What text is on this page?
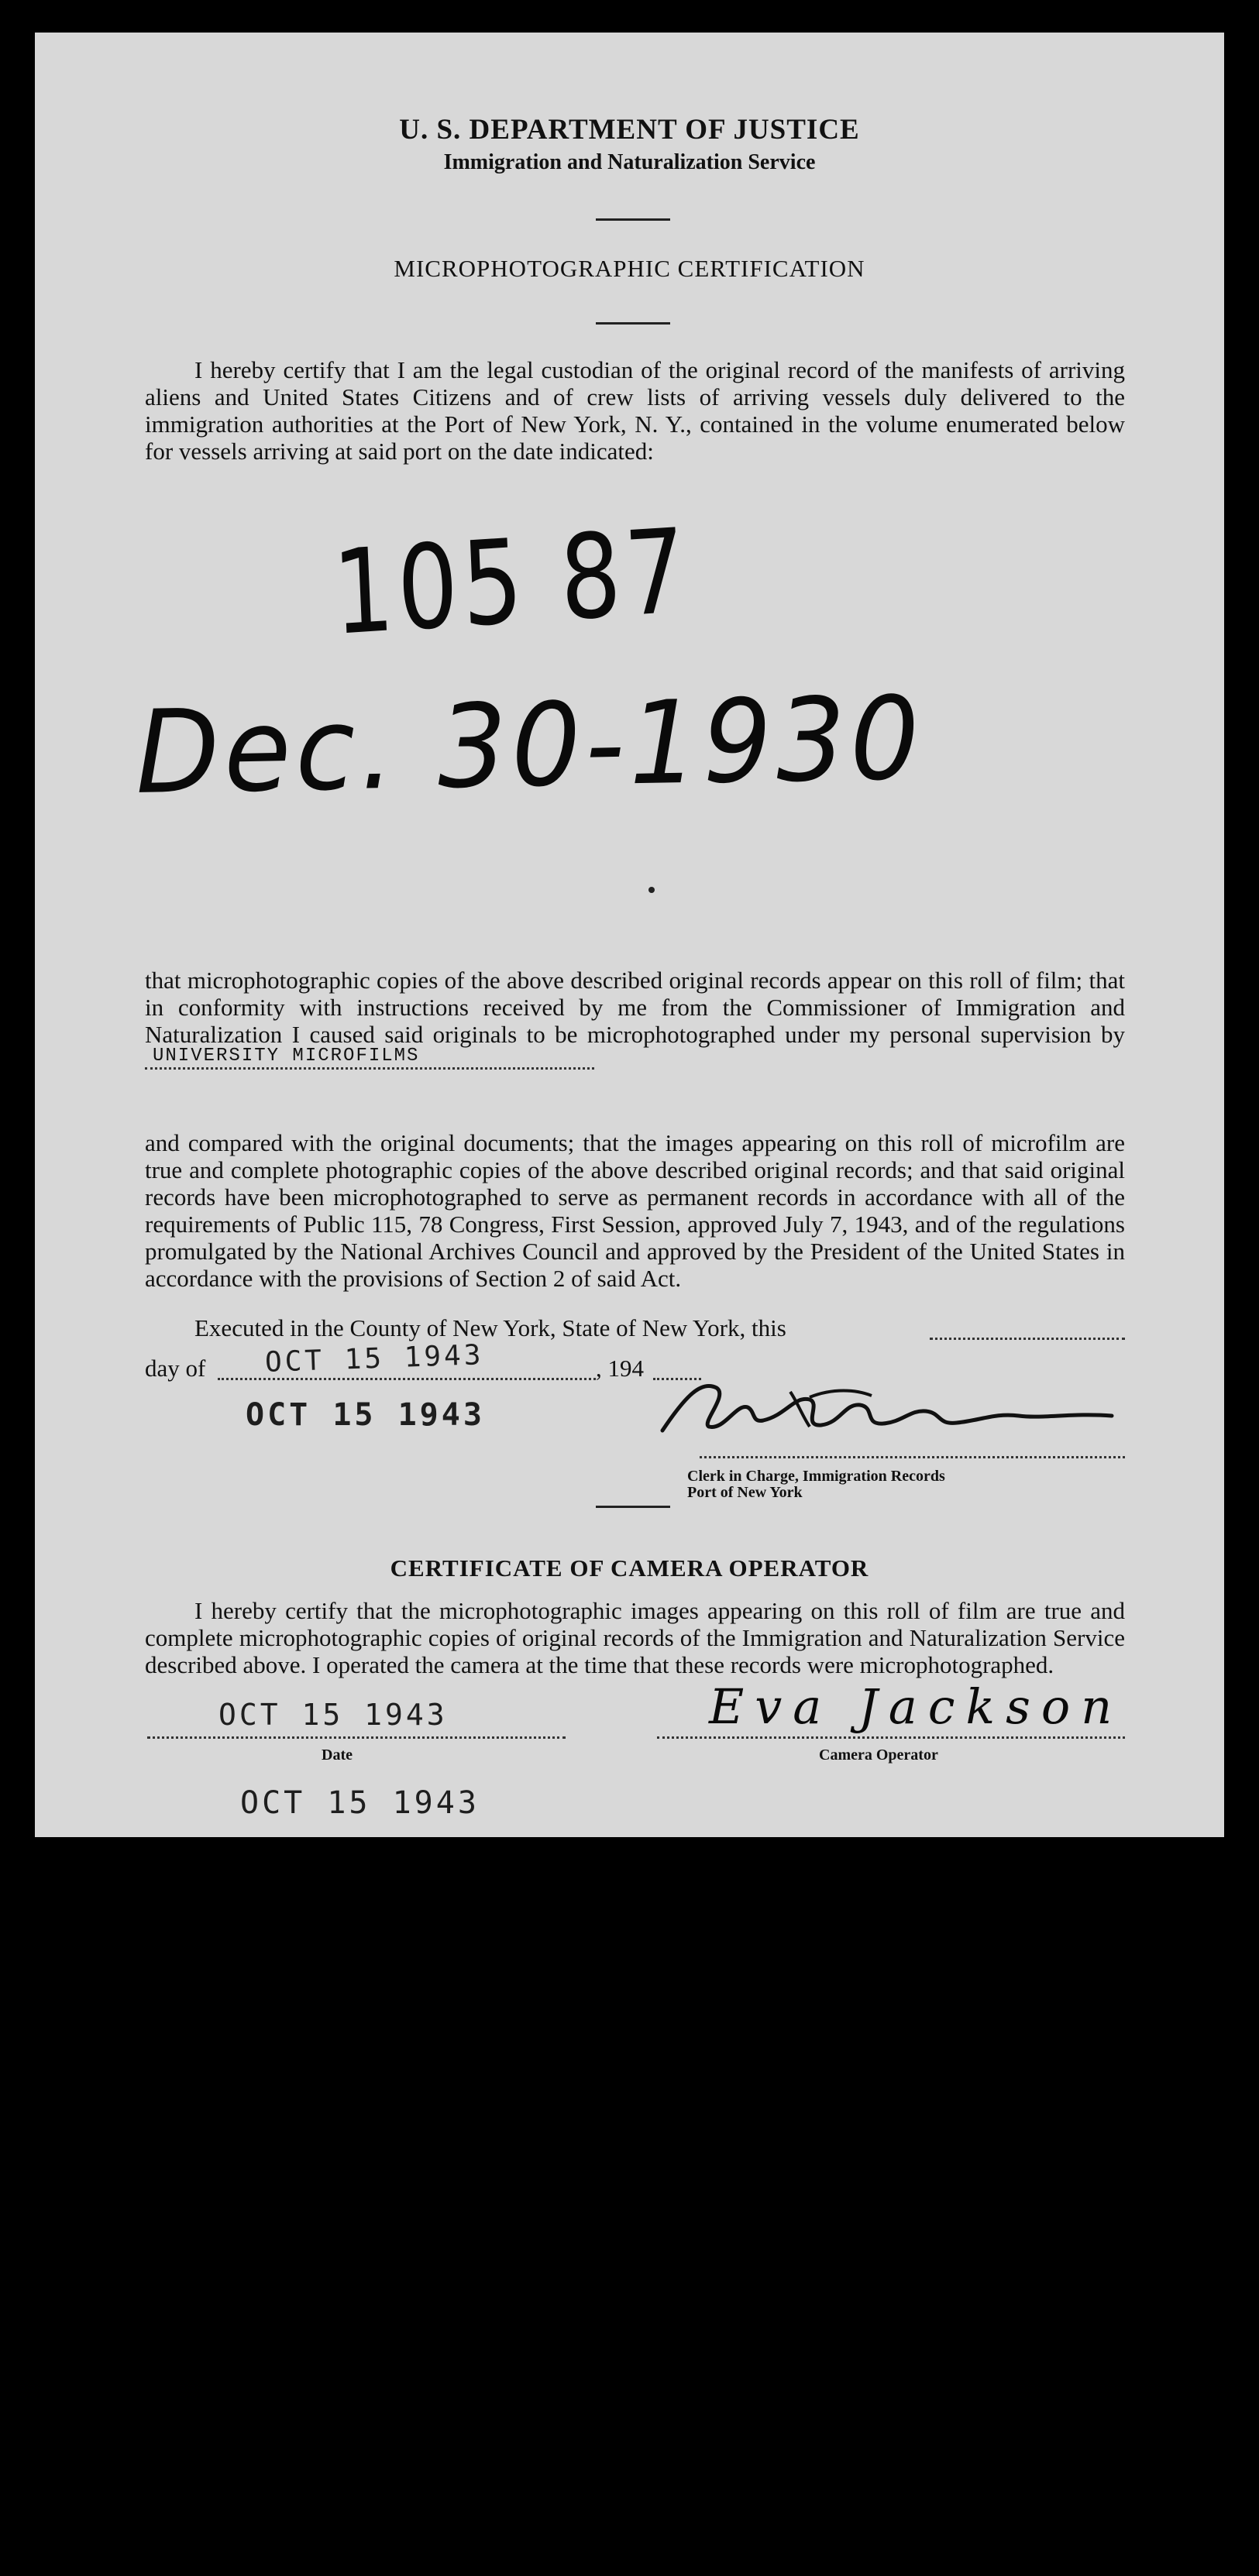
U. S. DEPARTMENT OF JUSTICE
Immigration and Naturalization Service
MICROPHOTOGRAPHIC CERTIFICATION
I hereby certify that I am the legal custodian of the original record of the manifests of arriving aliens and United States Citizens and of crew lists of arriving vessels duly delivered to the immigration authorities at the Port of New York, N. Y., contained in the volume enumerated below for vessels arriving at said port on the date indicated:
105 87
Dec. 30-1930
that microphotographic copies of the above described original records appear on this roll of film; that in conformity with instructions received by me from the Commissioner of Immigration and Naturalization I caused said originals to be microphotographed under my personal supervision by
UNIVERSITY MICROFILMS
and compared with the original documents; that the images appearing on this roll of microfilm are true and complete photographic copies of the above described original records; and that said original records have been microphotographed to serve as permanent records in accordance with all of the requirements of Public 115, 78 Congress, First Session, approved July 7, 1943, and of the regulations promulgated by the National Archives Council and approved by the President of the United States in accordance with the provisions of Section 2 of said Act.
Executed in the County of New York, State of New York, this
day of OCT 15 1943	, 194
OCT 15 1943
Clerk in Charge, Immigration Records
Port of New York
CERTIFICATE OF CAMERA OPERATOR
I hereby certify that the microphotographic images appearing on this roll of film are true and complete microphotographic copies of original records of the Immigration and Naturalization Service described above. I operated the camera at the time that these records were microphotographed.
OCT 15 1943
Date
Eva Jackson
Camera Operator
OCT 15 1943
